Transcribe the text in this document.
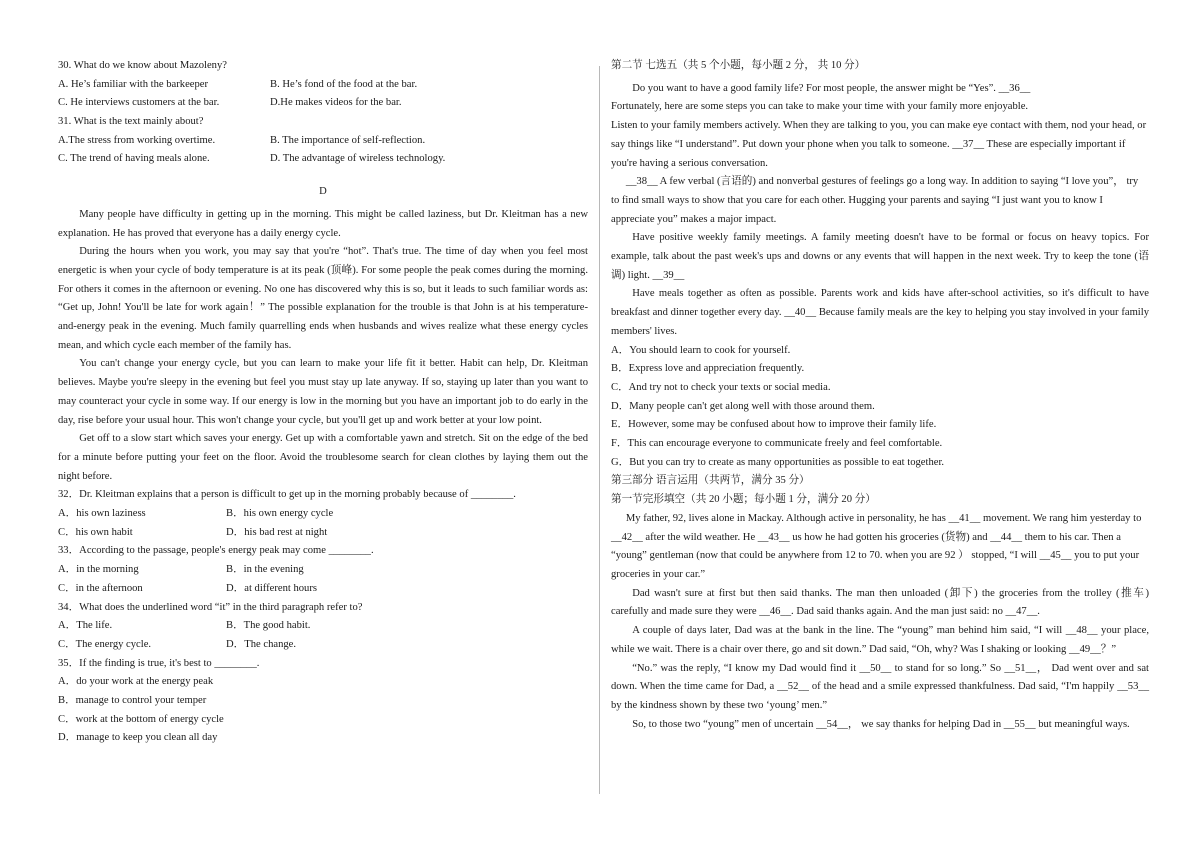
30. What do we know about Mazoleny?

A. He’s familiar with the barkeeper	B. He’s fond of the food at the bar.
C. He interviews customers at the bar.	D.He makes videos for the bar.

31. What is the text mainly about?

A.The stress from working overtime.	B. The importance of self-reflection.
C. The trend of having meals alone.	D. The advantage of wireless technology.

D

Many people have difficulty in getting up in the morning. This might be called laziness, but Dr. Kleitman has a new explanation. He has proved that everyone has a daily energy cycle.

During the hours when you work, you may say that you're “hot”. That's true. The time of day when you feel most energetic is when your cycle of body temperature is at its peak (顶峰). For some people the peak comes during the morning. For others it comes in the afternoon or evening. No one has discovered why this is so, but it leads to such familiar words as: “Get up, John! You'll be late for work again！” The possible explanation for the trouble is that John is at his temperature-and-energy peak in the evening. Much family quarrelling ends when husbands and wives realize what these energy cycles mean, and which cycle each member of the family has.

You can't change your energy cycle, but you can learn to make your life fit it better. Habit can help, Dr. Kleitman believes. Maybe you're sleepy in the evening but feel you must stay up late anyway. If so, staying up later than you want to may counteract your cycle in some way. If our energy is low in the morning but you have an important job to do early in the day, rise before your usual hour. This won't change your cycle, but you'll get up and work better at your low point.

Get off to a slow start which saves your energy. Get up with a comfortable yawn and stretch. Sit on the edge of the bed for a minute before putting your feet on the floor. Avoid the troublesome search for clean clothes by laying them out the night before.

32．Dr. Kleitman explains that a person is difficult to get up in the morning probably because of ________.

A．his own laziness	B．his own energy cycle
C．his own habit	D．his bad rest at night

33．According to the passage, people's energy peak may come ________.

A．in the morning	B．in the evening
C．in the afternoon	D．at different hours

34．What does the underlined word “it” in the third paragraph refer to?

A．The life.	B．The good habit.
C．The energy cycle.	D．The change.

35．If the finding is true, it's best to ________.

A．do your work at the energy peak

B．manage to control your temper

C．work at the bottom of energy cycle

D．manage to keep you clean all day

第二节 七选五（共 5 个小题，每小题 2 分， 共 10 分）

Do you want to have a good family life? For most people, the answer might be “Yes”. __36__

Fortunately, here are some steps you can take to make your time with your family more enjoyable.

Listen to your family members actively. When they are talking to you, you can make eye contact with them, nod your head, or say things like “I understand”. Put down your phone when you talk to someone. __37__ These are especially important if you're having a serious conversation.

__38__ A few verbal (言语的) and nonverbal gestures of feelings go a long way. In addition to saying “I love you”， try to find small ways to show that you care for each other. Hugging your parents and saying “I just want you to know I appreciate you” makes a major impact.

Have positive weekly family meetings. A family meeting doesn't have to be formal or focus on heavy topics. For example, talk about the past week's ups and downs or any events that will happen in the next week. Try to keep the tone (语调) light. __39__

Have meals together as often as possible. Parents work and kids have after-school activities, so it's difficult to have breakfast and dinner together every day. __40__ Because family meals are the key to helping you stay involved in your family members' lives.

A．You should learn to cook for yourself.

B．Express love and appreciation frequently.

C．And try not to check your texts or social media.

D．Many people can't get along well with those around them.

E．However, some may be confused about how to improve their family life.

F．This can encourage everyone to communicate freely and feel comfortable.

G．But you can try to create as many opportunities as possible to eat together.

第三部分 语言运用（共两节，满分 35 分）

第一节完形填空（共 20 小题；每小题 1 分，满分 20 分）

My father, 92, lives alone in Mackay. Although active in personality, he has __41__ movement. We rang him yesterday to __42__ after the wild weather. He __43__ us how he had gotten his groceries (货物) and __44__ them to his car. Then a “young” gentleman (now that could be anywhere from 12 to 70. when you are 92 ） stopped, “I will __45__ you to put your groceries in your car.”

Dad wasn't sure at first but then said thanks. The man then unloaded (卸下) the groceries from the trolley (推车) carefully and made sure they were __46__. Dad said thanks again. And the man just said: no __47__.

A couple of days later, Dad was at the bank in the line. The “young” man behind him said, “I will __48__ your place, while we wait. There is a chair over there, go and sit down.” Dad said, “Oh, why? Was I shaking or looking __49__？”

“No.” was the reply, “I know my Dad would find it __50__ to stand for so long.” So __51__， Dad went over and sat down. When the time came for Dad, a __52__ of the head and a smile expressed thankfulness. Dad said, “I'm happily __53__ by the kindness shown by these two ‘young’ men.”

So, to those two “young” men of uncertain __54__， we say thanks for helping Dad in __55__ but meaningful ways.
